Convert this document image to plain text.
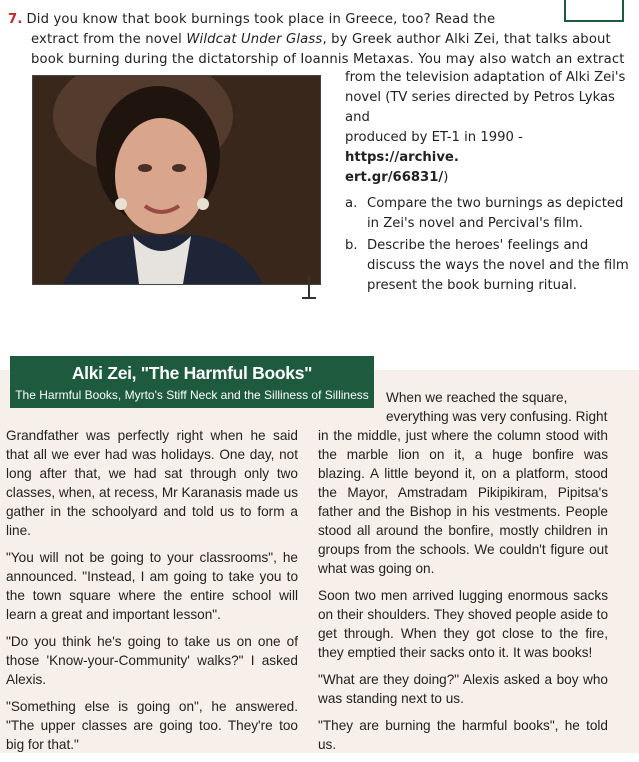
7. Did you know that book burnings took place in Greece, too? Read the
extract from the novel Wildcat Under Glass, by Greek author Alki Zei, that talks about
book burning during the dictatorship of Ioannis Metaxas. You may also watch an extract
from the television adaptation of Alki Zei's
novel (TV series directed by Petros Lykas and
produced by ET-1 in 1990 - https://archive.
ert.gr/66831/)
a. Compare the two burnings as depicted in Zei's novel and Percival's film.
b. Describe the heroes' feelings and discuss the ways the novel and the film present the book burning ritual.
Alki Zei, "The Harmful Books"
The Harmful Books, Myrto's Stiff Neck and the Silliness of Silliness

Grandfather was perfectly right when he said that all we ever had was holidays. One day, not long after that, we had sat through only two classes, when, at recess, Mr Karanasis made us gather in the schoolyard and told us to form a line.

"You will not be going to your classrooms", he announced. "Instead, I am going to take you to the town square where the entire school will learn a great and important lesson".

"Do you think he's going to take us on one of those 'Know-your-Community' walks?" I asked Alexis.

"Something else is going on", he answered. "The upper classes are going too. They're too big for that."

When we reached the square,

everything was very confusing. Right

in the middle, just where the column stood with the marble lion on it, a huge bonfire was blazing. A little beyond it, on a platform, stood the Mayor, Amstradam Pikipikiram, Pipitsa's father and the Bishop in his vestments. People stood all around the bonfire, mostly children in groups from the schools. We couldn't figure out what was going on.

Soon two men arrived lugging enormous sacks on their shoulders. They shoved people aside to get through. When they got close to the fire, they emptied their sacks onto it. It was books!

"What are they doing?" Alexis asked a boy who was standing next to us.

"They are burning the harmful books", he told us.
